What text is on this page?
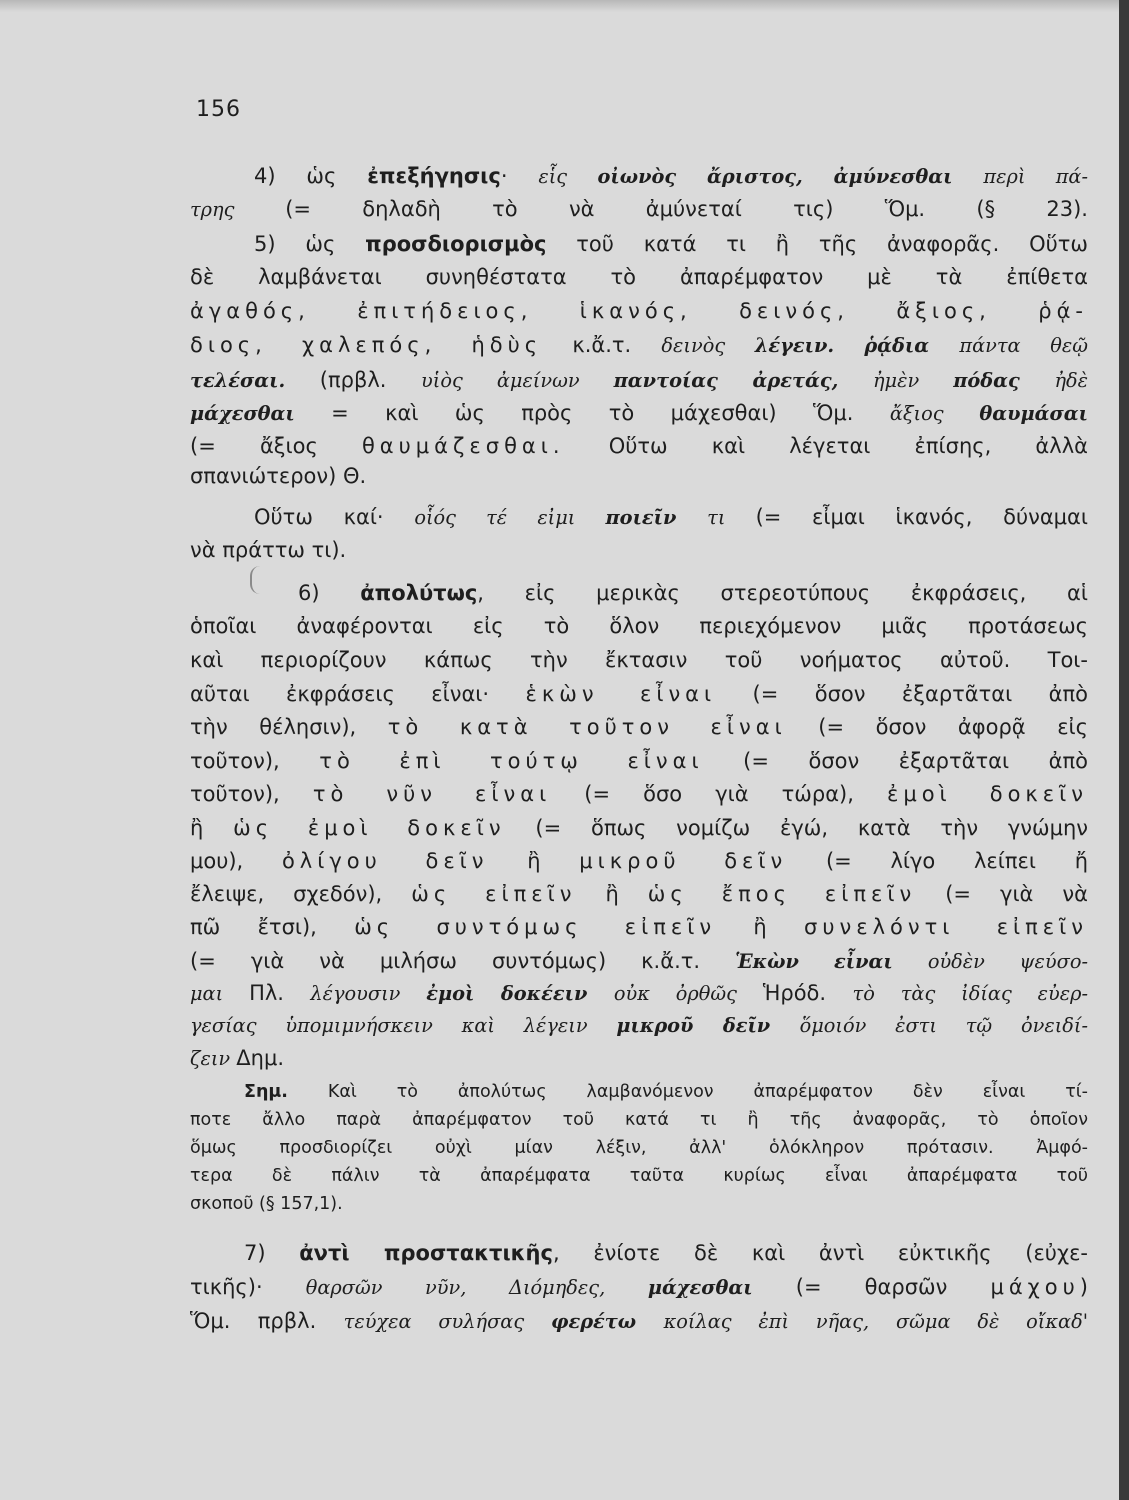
156
4) ὡς ἐπεξήγησις· εἷς οἰωνὸς ἄριστος, ἀμύνεσθαι περὶ πά-
τρης (= δηλαδὴ τὸ νὰ ἀμύνεταί τις) Ὅμ. (§ 23).
5) ὡς προσδιορισμὸς τοῦ κατά τι ἢ τῆς ἀναφορᾶς. Οὕτω
δὲ λαμβάνεται συνηθέστατα τὸ ἀπαρέμφατον μὲ τὰ ἐπίθετα
ἀγαθός, ἐπιτήδειος, ἱκανός, δεινός, ἄξιος, ῥᾴ-
διος, χαλεπός, ἡδὺς κ.ἄ.τ. δεινὸς λέγειν. ῥᾴδια πάντα θεῷ
τελέσαι. (πρβλ. υἱὸς ἀμείνων παντοίας ἀρετάς, ἠμὲν πόδας ἠδὲ
μάχεσθαι = καὶ ὡς πρὸς τὸ μάχεσθαι) Ὅμ. ἄξιος θαυμάσαι
(= ἄξιος θαυμάζεσθαι. Οὕτω καὶ λέγεται ἐπίσης, ἀλλὰ
σπανιώτερον) Θ.
Οὕτω καί· οἷός τέ εἰμι ποιεῖν τι (= εἶμαι ἱκανός, δύναμαι
νὰ πράττω τι).
6) ἀπολύτως, εἰς μερικὰς στερεοτύπους ἐκφράσεις, αἱ
ὁποῖαι ἀναφέρονται εἰς τὸ ὅλον περιεχόμενον μιᾶς προτάσεως
καὶ περιορίζουν κάπως τὴν ἔκτασιν τοῦ νοήματος αὐτοῦ. Τοι-
αῦται ἐκφράσεις εἶναι· ἑκὼν εἶναι (= ὅσον ἐξαρτᾶται ἀπὸ
τὴν θέλησιν), τὸ κατὰ τοῦτον εἶναι (= ὅσον ἀφορᾷ εἰς
τοῦτον), τὸ ἐπὶ τούτῳ εἶναι (= ὅσον ἐξαρτᾶται ἀπὸ
τοῦτον), τὸ νῦν εἶναι (= ὅσο γιὰ τώρα), ἐμοὶ δοκεῖν
ἢ ὡς ἐμοὶ δοκεῖν (= ὅπως νομίζω ἐγώ, κατὰ τὴν γνώμην
μου), ὀλίγου δεῖν ἢ μικροῦ δεῖν (= λίγο λείπει ἤ
ἔλειψε, σχεδόν), ὡς εἰπεῖν ἢ ὡς ἔπος εἰπεῖν (= γιὰ νὰ
πῶ ἔτσι), ὡς συντόμως εἰπεῖν ἢ συνελόντι εἰπεῖν
(= γιὰ νὰ μιλήσω συντόμως) κ.ἄ.τ. Ἑκὼν εἶναι οὐδὲν ψεύσο-
μαι Πλ. λέγουσιν ἐμοὶ δοκέειν οὐκ ὀρθῶς Ἡρόδ. τὸ τὰς ἰδίας εὐερ-
γεσίας ὑπομιμνήσκειν καὶ λέγειν μικροῦ δεῖν ὅμοιόν ἐστι τῷ ὀνειδί-
ζειν Δημ.
Σημ. Καὶ τὸ ἀπολύτως λαμβανόμενον ἀπαρέμφατον δὲν εἶναι τί-
ποτε ἄλλο παρὰ ἀπαρέμφατον τοῦ κατά τι ἢ τῆς ἀναφορᾶς, τὸ ὁποῖον
ὅμως προσδιορίζει οὐχὶ μίαν λέξιν, ἀλλ' ὁλόκληρον πρότασιν. Ἀμφό-
τερα δὲ πάλιν τὰ ἀπαρέμφατα ταῦτα κυρίως εἶναι ἀπαρέμφατα τοῦ
σκοποῦ (§ 157,1).
7) ἀντὶ προστακτικῆς, ἐνίοτε δὲ καὶ ἀντὶ εὐκτικῆς (εὐχε-
τικῆς)· θαρσῶν νῦν, Διόμηδες, μάχεσθαι (= θαρσῶν μάχου)
Ὅμ. πρβλ. τεύχεα συλήσας φερέτω κοίλας ἐπὶ νῆας, σῶμα δὲ οἴκαδ'
